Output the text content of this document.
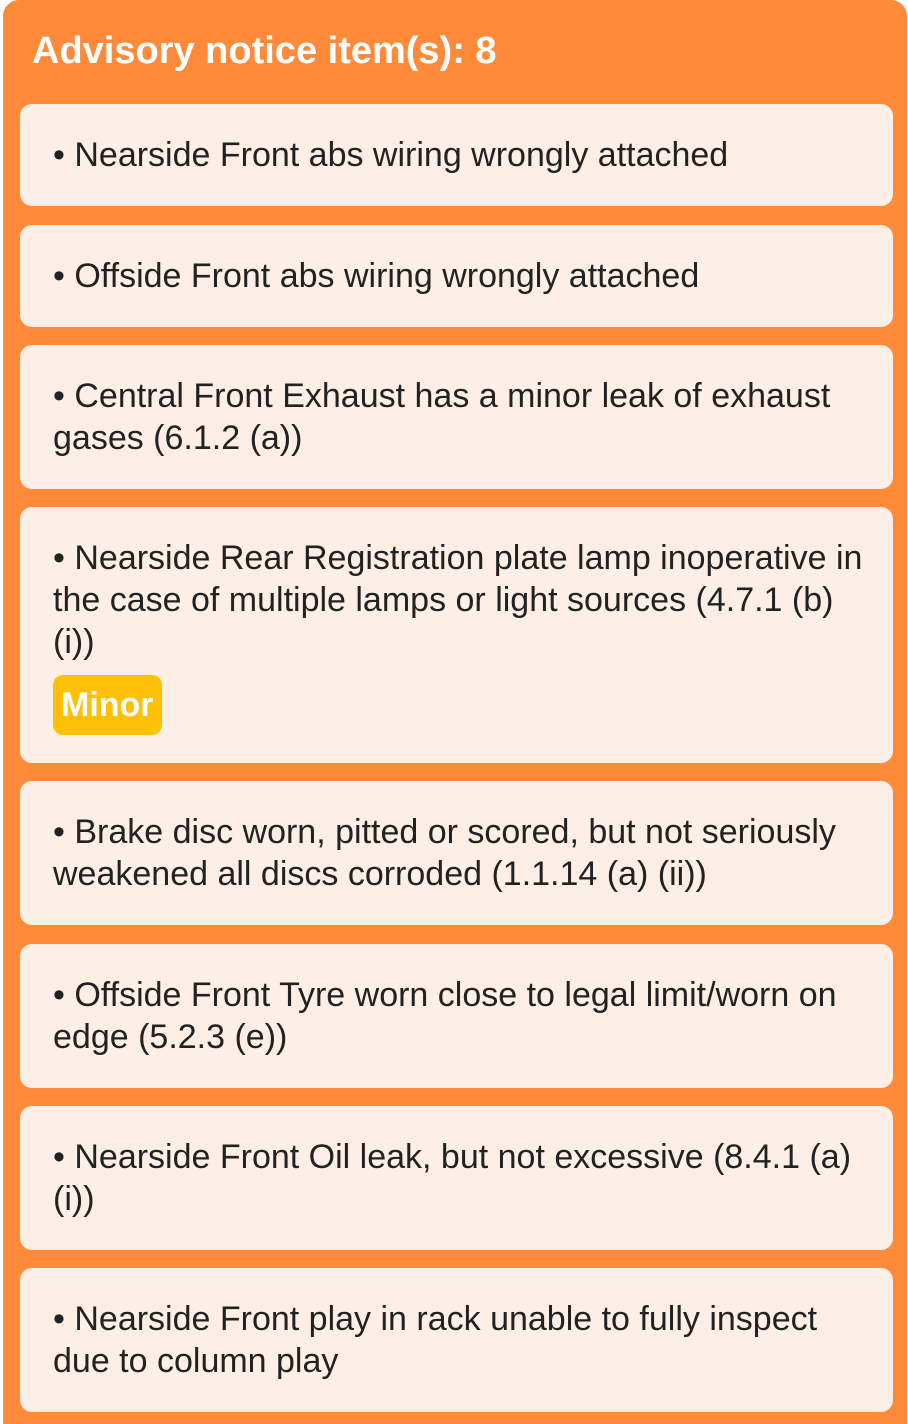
Advisory notice item(s): 8

• Nearside Front abs wiring wrongly attached

• Offside Front abs wiring wrongly attached

• Central Front Exhaust has a minor leak of exhaust gases (6.1.2 (a))

• Nearside Rear Registration plate lamp inoperative in the case of multiple lamps or light sources (4.7.1 (b) (i))

Minor

• Brake disc worn, pitted or scored, but not seriously weakened all discs corroded (1.1.14 (a) (ii))

• Offside Front Tyre worn close to legal limit/worn on edge (5.2.3 (e))

• Nearside Front Oil leak, but not excessive (8.4.1 (a) (i))

• Nearside Front play in rack unable to fully inspect due to column play
